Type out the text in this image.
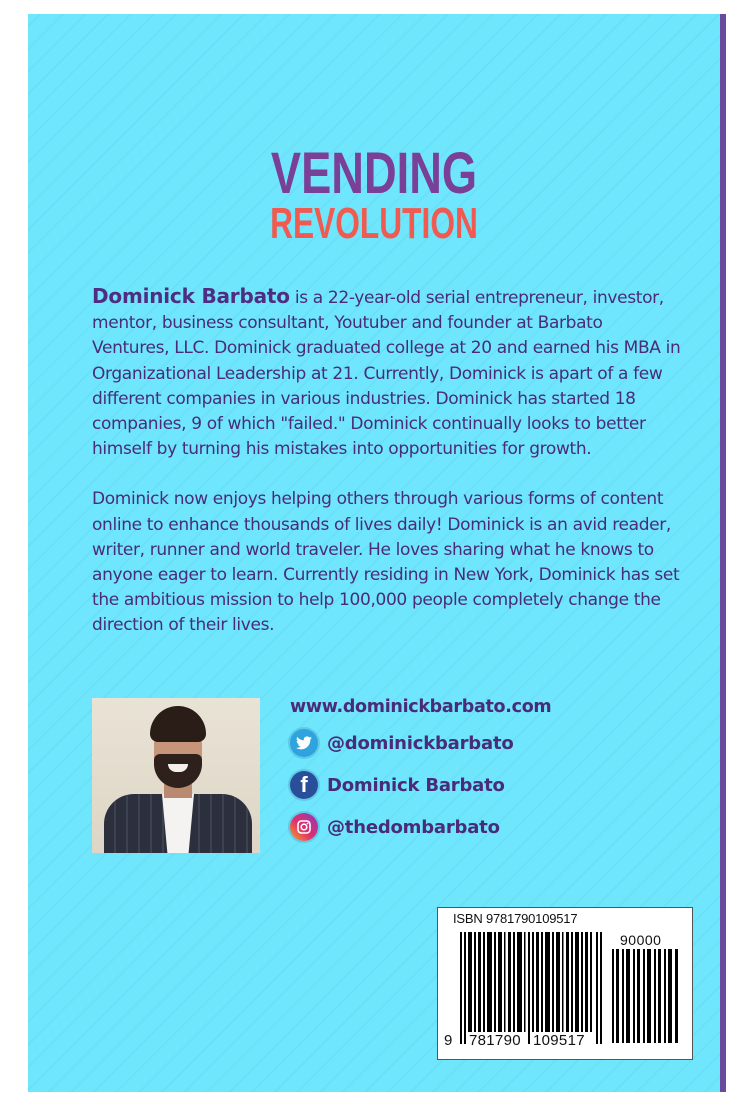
VENDING
REVOLUTION

Dominick Barbato is a 22-year-old serial entrepreneur, investor, mentor, business consultant, Youtuber and founder at Barbato Ventures, LLC. Dominick graduated college at 20 and earned his MBA in Organizational Leadership at 21. Currently, Dominick is apart of a few different companies in various industries. Dominick has started 18 companies, 9 of which "failed." Dominick continually looks to better himself by turning his mistakes into opportunities for growth.

Dominick now enjoys helping others through various forms of content online to enhance thousands of lives daily! Dominick is an avid reader, writer, runner and world traveler. He loves sharing what he knows to anyone eager to learn. Currently residing in New York, Dominick has set the ambitious mission to help 100,000 people completely change the direction of their lives.

www.dominickbarbato.com
@dominickbarbato
f	Dominick Barbato
@thedombarbato
ISBN 9781790109517
90000
9 781790 109517
